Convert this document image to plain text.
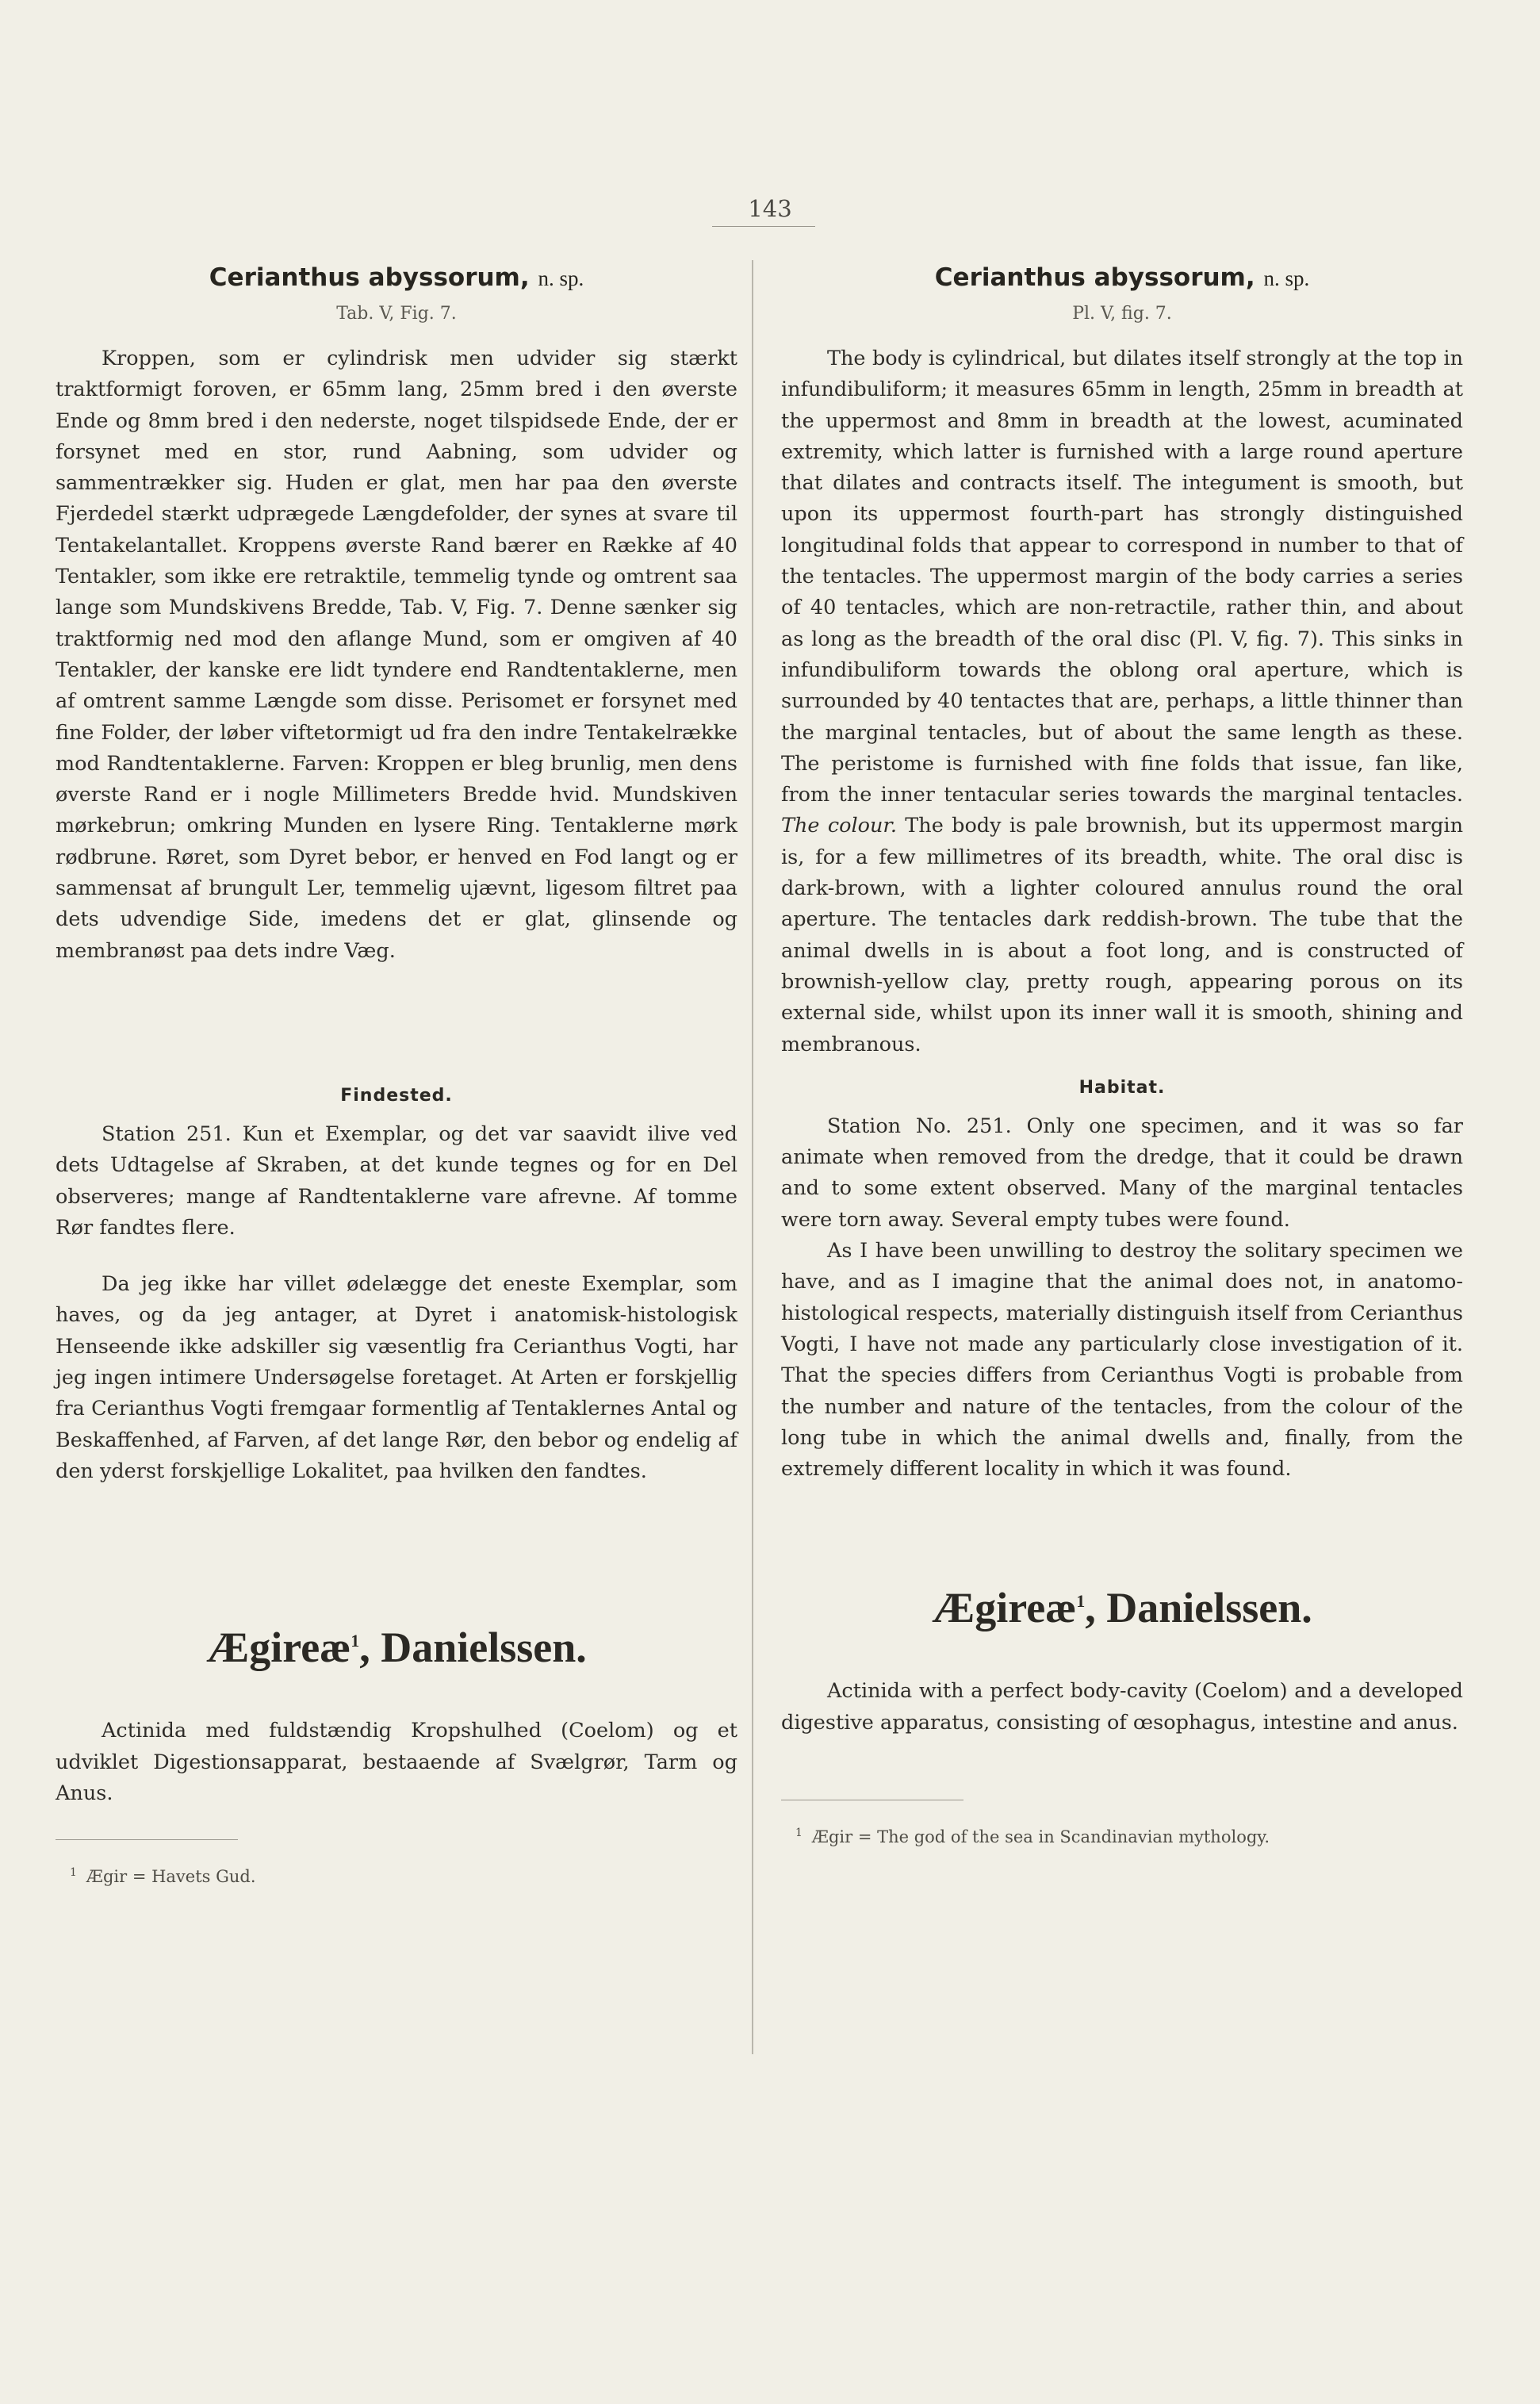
143
Cerianthus abyssorum, n. sp.
Tab. V, Fig. 7.

Kroppen, som er cylindrisk men udvider sig stærkt traktformigt foroven, er 65mm lang, 25mm bred i den øverste Ende og 8mm bred i den nederste, noget tilspidsede Ende, der er forsynet med en stor, rund Aabning, som udvider og sammentrækker sig. Huden er glat, men har paa den øverste Fjerdedel stærkt udprægede Længdefolder, der synes at svare til Tentakelantallet. Kroppens øverste Rand bærer en Række af 40 Tentakler, som ikke ere retraktile, temmelig tynde og omtrent saa lange som Mundskivens Bredde, Tab. V, Fig. 7. Denne sænker sig traktformig ned mod den aflange Mund, som er omgiven af 40 Tentakler, der kanske ere lidt tyndere end Randtentaklerne, men af omtrent samme Længde som disse. Perisomet er forsynet med fine Folder, der løber viftetormigt ud fra den indre Tentakelrække mod Randtentaklerne. Farven: Kroppen er bleg brunlig, men dens øverste Rand er i nogle Millimeters Bredde hvid. Mundskiven mørkebrun; omkring Munden en lysere Ring. Tentaklerne mørk rødbrune. Røret, som Dyret bebor, er henved en Fod langt og er sammensat af brungult Ler, temmelig ujævnt, ligesom filtret paa dets udvendige Side, imedens det er glat, glinsende og membranøst paa dets indre Væg.

Findested.

Station 251. Kun et Exemplar, og det var saavidt ilive ved dets Udtagelse af Skraben, at det kunde tegnes og for en Del observeres; mange af Randtentaklerne vare afrevne. Af tomme Rør fandtes flere.

Da jeg ikke har villet ødelægge det eneste Exemplar, som haves, og da jeg antager, at Dyret i anatomisk-histologisk Henseende ikke adskiller sig væsentlig fra Cerianthus Vogti, har jeg ingen intimere Undersøgelse foretaget. At Arten er forskjellig fra Cerianthus Vogti fremgaar formentlig af Tentaklernes Antal og Beskaffenhed, af Farven, af det lange Rør, den bebor og endelig af den yderst forskjellige Lokalitet, paa hvilken den fandtes.

Ægireæ$^1$, Danielssen.

Actinida med fuldstændig Kropshulhed (Coelom) og et udviklet Digestionsapparat, bestaaende af Svælgrør, Tarm og Anus.

$^1$ Ægir = Havets Gud.

Cerianthus abyssorum, n. sp.
Pl. V, fig. 7.

The body is cylindrical, but dilates itself strongly at the top in infundibuliform; it measures 65mm in length, 25mm in breadth at the uppermost and 8mm in breadth at the lowest, acuminated extremity, which latter is furnished with a large round aperture that dilates and contracts itself. The integument is smooth, but upon its uppermost fourth-part has strongly distinguished longitudinal folds that appear to correspond in number to that of the tentacles. The uppermost margin of the body carries a series of 40 tentacles, which are non-retractile, rather thin, and about as long as the breadth of the oral disc (Pl. V, fig. 7). This sinks in infundibuliform towards the oblong oral aperture, which is surrounded by 40 tentactes that are, perhaps, a little thinner than the marginal tentacles, but of about the same length as these. The peristome is furnished with fine folds that issue, fan like, from the inner tentacular series towards the marginal tentacles. The colour. The body is pale brownish, but its uppermost margin is, for a few millimetres of its breadth, white. The oral disc is dark-brown, with a lighter coloured annulus round the oral aperture. The tentacles dark reddish-brown. The tube that the animal dwells in is about a foot long, and is constructed of brownish-yellow clay, pretty rough, appearing porous on its external side, whilst upon its inner wall it is smooth, shining and membranous.

Habitat.

Station No. 251. Only one specimen, and it was so far animate when removed from the dredge, that it could be drawn and to some extent observed. Many of the marginal tentacles were torn away. Several empty tubes were found.

As I have been unwilling to destroy the solitary specimen we have, and as I imagine that the animal does not, in anatomo-histological respects, materially distinguish itself from Cerianthus Vogti, I have not made any particularly close investigation of it. That the species differs from Cerianthus Vogti is probable from the number and nature of the tentacles, from the colour of the long tube in which the animal dwells and, finally, from the extremely different locality in which it was found.

Ægireæ$^1$, Danielssen.

Actinida with a perfect body-cavity (Coelom) and a developed digestive apparatus, consisting of œsophagus, intestine and anus.

$^1$ Ægir = The god of the sea in Scandinavian mythology.
